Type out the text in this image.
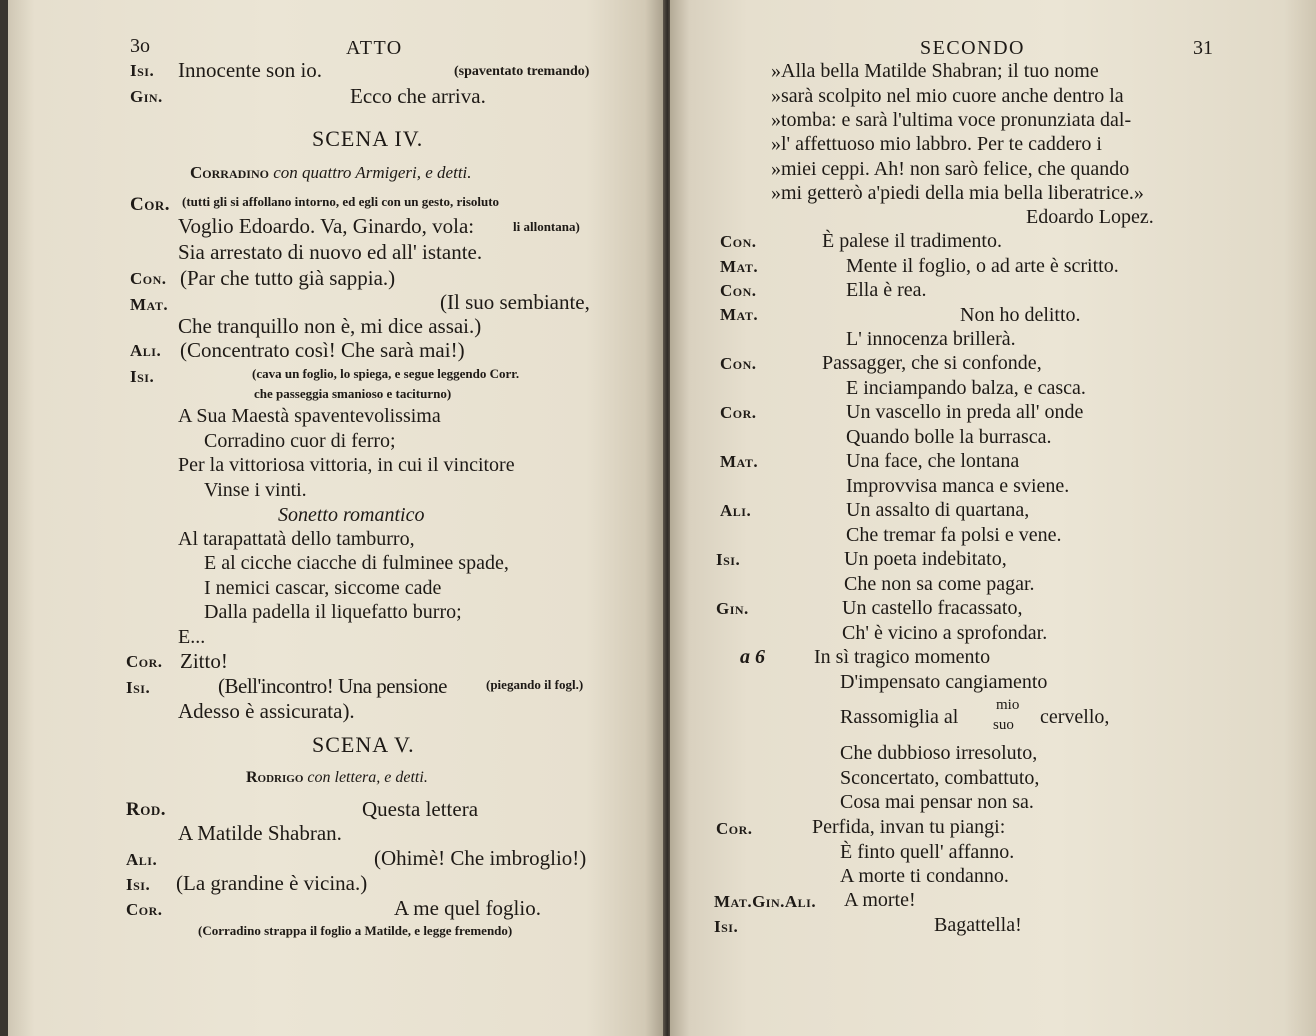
3o	ATTO
Isi. Innocente son io.	(spaventato tremando)
Gin.	Ecco che arriva.
SCENA IV.
Corradino con quattro Armigeri, e detti.
Cor. (tutti gli si affollano intorno, ed egli con un gesto, risoluto
Voglio Edoardo. Va, Ginardo, vola:	li allontana)
Sia arrestato di nuovo ed all' istante.
Con. (Par che tutto già sappia.)
Mat.	(Il suo sembiante,
Che tranquillo non è, mi dice assai.)
Ali. (Concentrato così! Che sarà mai!)
Isi.	(cava un foglio, lo spiega, e segue leggendo Corr.
che passeggia smanioso e taciturno)
A Sua Maestà spaventevolissima
Corradino cuor di ferro;
Per la vittoriosa vittoria, in cui il vincitore
Vinse i vinti.
Sonetto romantico
Al tarapattatà dello tamburro,
E al cicche ciacche di fulminee spade,
I nemici cascar, siccome cade
Dalla padella il liquefatto burro;
E...
Cor. Zitto!
Isi.	(Bell'incontro! Una pensione	(piegando il fogl.)
Adesso è assicurata).
SCENA V.
Rodrigo con lettera, e detti.
Rod.	Questa lettera
A Matilde Shabran.
Ali.	(Ohimè! Che imbroglio!)
Isi. (La grandine è vicina.)
Cor.	A me quel foglio.
(Corradino strappa il foglio a Matilde, e legge fremendo)
SECONDO	31
»Alla bella Matilde Shabran; il tuo nome
»sarà scolpito nel mio cuore anche dentro la
»tomba: e sarà l'ultima voce pronunziata dal-
»l' affettuoso mio labbro. Per te caddero i
»miei ceppi. Ah! non sarò felice, che quando
»mi getterò a'piedi della mia bella liberatrice.»
Edoardo Lopez.
Con.	È palese il tradimento.
Mat.	Mente il foglio, o ad arte è scritto.
Con.	Ella è rea.
Mat.	Non ho delitto.
L' innocenza brillerà.
Con.	Passagger, che si confonde,
E inciampando balza, e casca.
Cor.	Un vascello in preda all' onde
Quando bolle la burrasca.
Mat.	Una face, che lontana
Improvvisa manca e sviene.
Ali.	Un assalto di quartana,
Che tremar fa polsi e vene.
Isi.	Un poeta indebitato,
Che non sa come pagar.
Gin.	Un castello fracassato,
Ch' è vicino a sprofondar.
a 6 In sì tragico momento
D'impensato cangiamento
Rassomiglia al
mio
suo cervello,
Che dubbioso irresoluto,
Sconcertato, combattuto,
Cosa mai pensar non sa.
Cor.	Perfida, invan tu piangi:
È finto quell' affanno.
A morte ti condanno.
Mat.Gin.Ali. A morte!
Isi.	Bagattella!
